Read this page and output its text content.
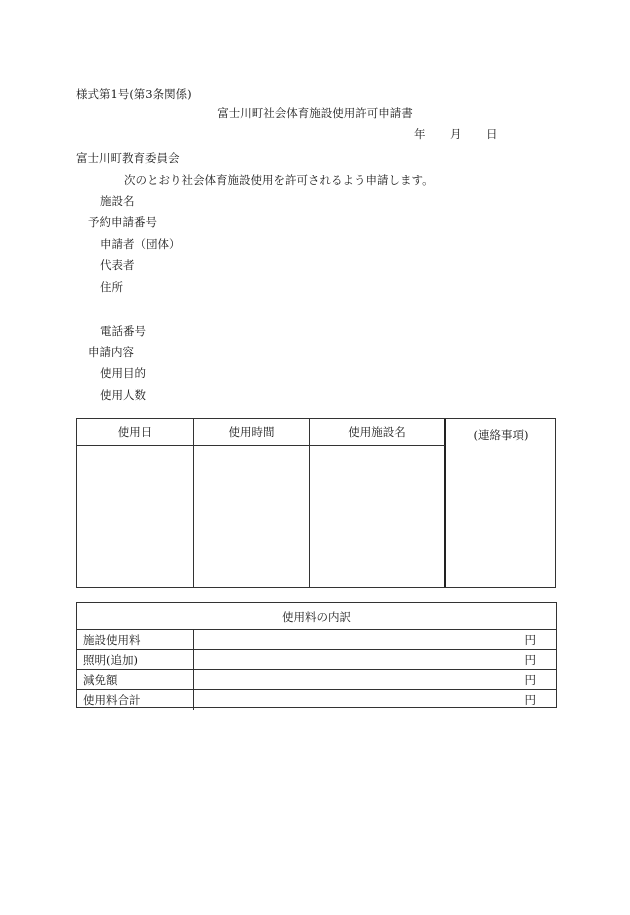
様式第1号(第3条関係)
富士川町社会体育施設使用許可申請書
年 月 日
富士川町教育委員会
次のとおり社会体育施設使用を許可されるよう申請します。
施設名
予約申請番号
申請者（団体）
代表者
住所
電話番号
申請内容
使用目的
使用人数
使用日	使用時間	使用施設名	(連絡事項)
使用料の内訳
施設使用料	円
照明(追加)	円
減免額	円
使用料合計	円
